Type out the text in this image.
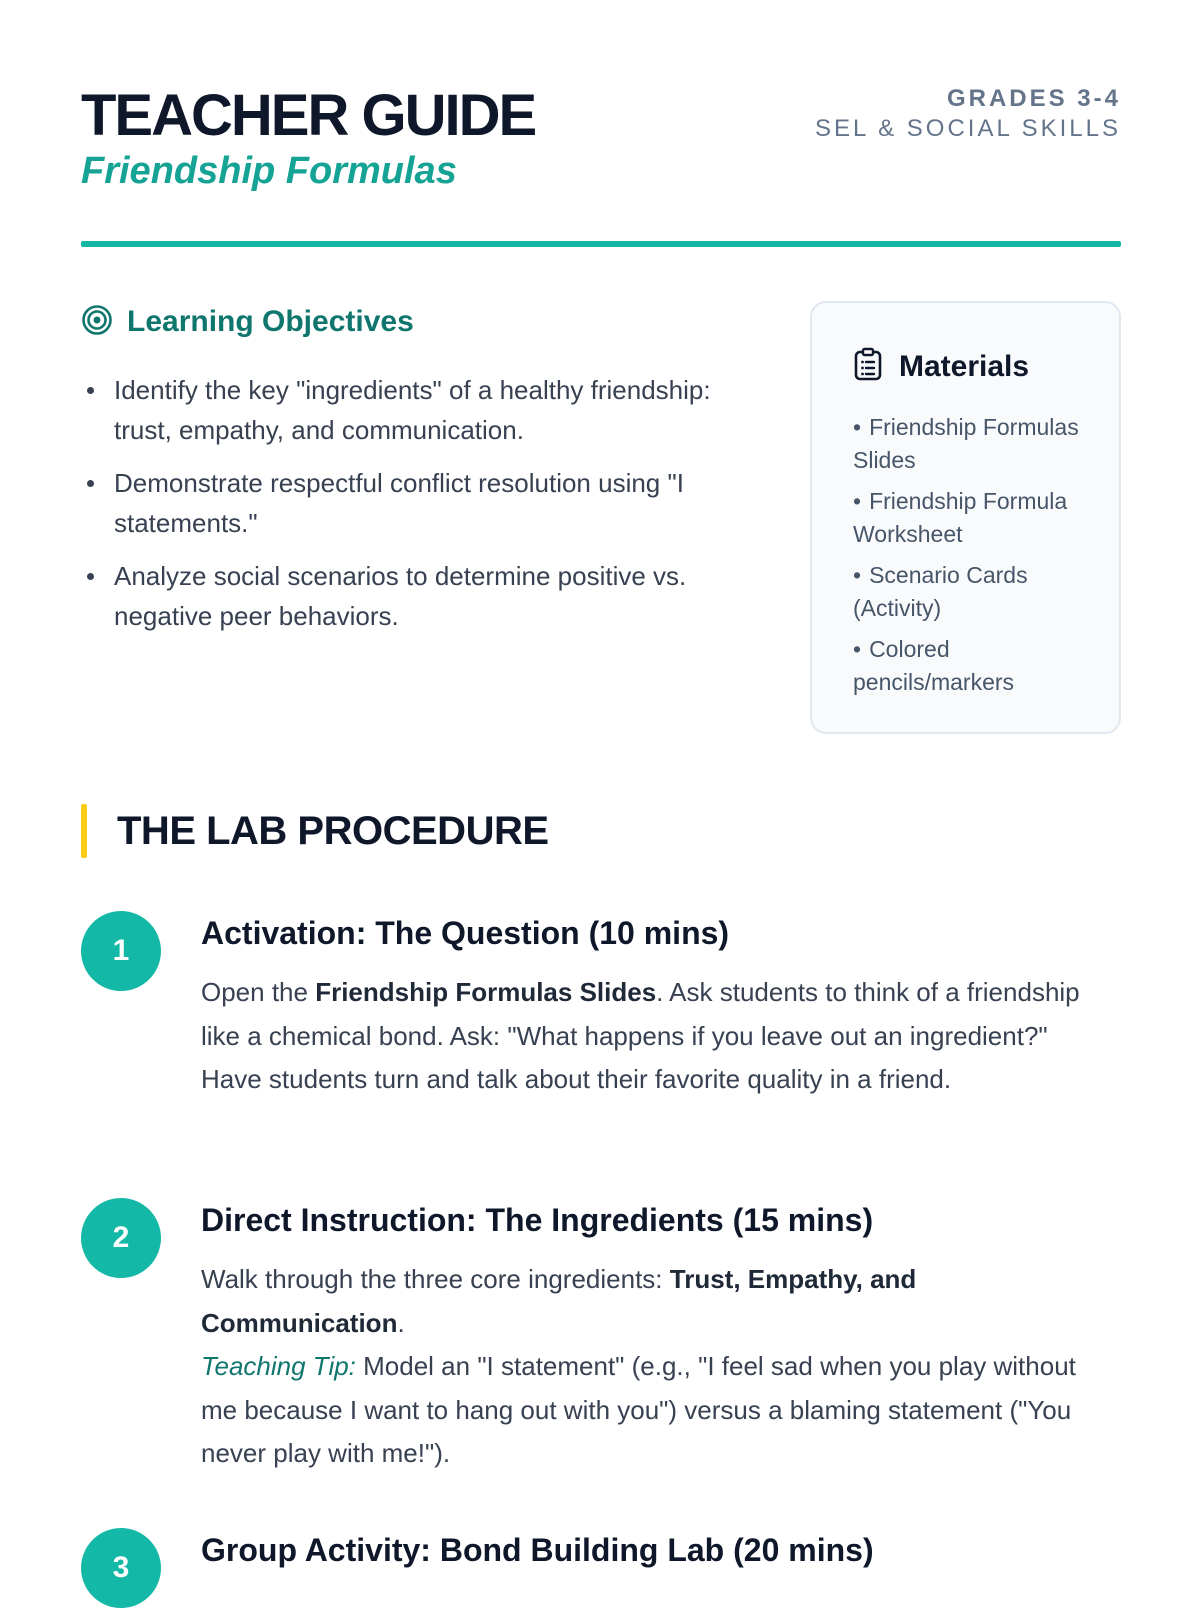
TEACHER GUIDE
Friendship Formulas
GRADES 3-4
SEL & SOCIAL SKILLS
Learning Objectives
Identify the key "ingredients" of a healthy friendship: trust, empathy, and communication.
Demonstrate respectful conflict resolution using "I statements."
Analyze social scenarios to determine positive vs. negative peer behaviors.
Materials
• Friendship Formulas Slides
• Friendship Formula Worksheet
• Scenario Cards (Activity)
• Colored pencils/markers
THE LAB PROCEDURE
1	Activation: The Question (10 mins)
Open the Friendship Formulas Slides. Ask students to think of a friendship like a chemical bond. Ask: "What happens if you leave out an ingredient?" Have students turn and talk about their favorite quality in a friend.
2	Direct Instruction: The Ingredients (15 mins)
Walk through the three core ingredients: Trust, Empathy, and Communication.
Teaching Tip: Model an "I statement" (e.g., "I feel sad when you play without me because I want to hang out with you") versus a blaming statement ("You never play with me!").
3	Group Activity: Bond Building Lab (20 mins)
